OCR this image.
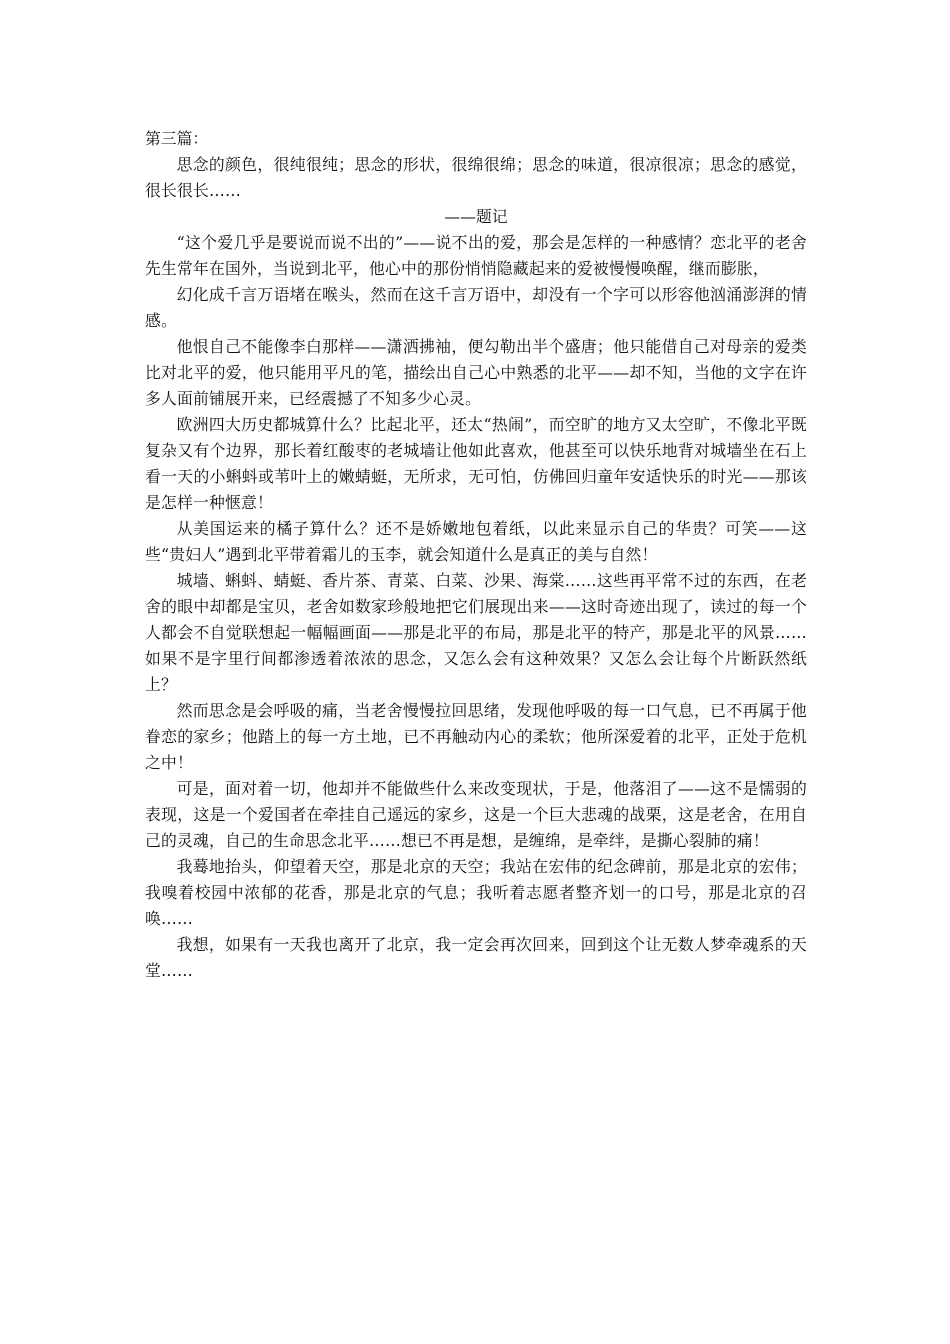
第三篇：

思念的颜色，很纯很纯；思念的形状，很绵很绵；思念的味道，很凉很凉；思念的感觉，很长很长……

——题记

“这个爱几乎是要说而说不出的”——说不出的爱，那会是怎样的一种感情？恋北平的老舍先生常年在国外，当说到北平，他心中的那份悄悄隐藏起来的爱被慢慢唤醒，继而膨胀，

幻化成千言万语堵在喉头，然而在这千言万语中，却没有一个字可以形容他汹涌澎湃的情感。

他恨自己不能像李白那样——潇洒拂袖，便勾勒出半个盛唐；他只能借自己对母亲的爱类比对北平的爱，他只能用平凡的笔，描绘出自己心中熟悉的北平——却不知，当他的文字在许多人面前铺展开来，已经震撼了不知多少心灵。

欧洲四大历史都城算什么？比起北平，还太“热闹”，而空旷的地方又太空旷，不像北平既复杂又有个边界，那长着红酸枣的老城墙让他如此喜欢，他甚至可以快乐地背对城墙坐在石上看一天的小蝌蚪或苇叶上的嫩蜻蜓，无所求，无可怕，仿佛回归童年安适快乐的时光——那该是怎样一种惬意！

从美国运来的橘子算什么？还不是娇嫩地包着纸，以此来显示自己的华贵？可笑——这些“贵妇人”遇到北平带着霜儿的玉李，就会知道什么是真正的美与自然！

城墙、蝌蚪、蜻蜓、香片茶、青菜、白菜、沙果、海棠……这些再平常不过的东西，在老舍的眼中却都是宝贝，老舍如数家珍般地把它们展现出来——这时奇迹出现了，读过的每一个人都会不自觉联想起一幅幅画面——那是北平的布局，那是北平的特产，那是北平的风景……如果不是字里行间都渗透着浓浓的思念，又怎么会有这种效果？又怎么会让每个片断跃然纸上？

然而思念是会呼吸的痛，当老舍慢慢拉回思绪，发现他呼吸的每一口气息，已不再属于他眷恋的家乡；他踏上的每一方土地，已不再触动内心的柔软；他所深爱着的北平，正处于危机之中！

可是，面对着一切，他却并不能做些什么来改变现状，于是，他落泪了——这不是懦弱的表现，这是一个爱国者在牵挂自己遥远的家乡，这是一个巨大悲魂的战栗，这是老舍，在用自己的灵魂，自己的生命思念北平……想已不再是想，是缠绵，是牵绊，是撕心裂肺的痛！

我蓦地抬头，仰望着天空，那是北京的天空；我站在宏伟的纪念碑前，那是北京的宏伟；我嗅着校园中浓郁的花香，那是北京的气息；我听着志愿者整齐划一的口号，那是北京的召唤……

我想，如果有一天我也离开了北京，我一定会再次回来，回到这个让无数人梦牵魂系的天堂……
